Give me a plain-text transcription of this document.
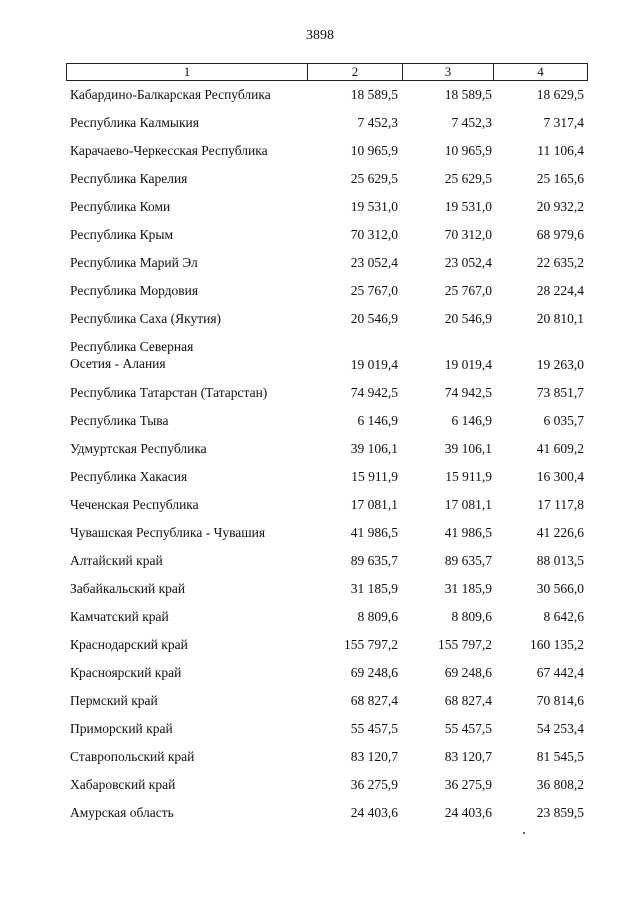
3898
1	2	3	4
Кабардино-Балкарская Республика	18 589,5	18 589,5	18 629,5
Республика Калмыкия	7 452,3	7 452,3	7 317,4
Карачаево-Черкесская Республика	10 965,9	10 965,9	11 106,4
Республика Карелия	25 629,5	25 629,5	25 165,6
Республика Коми	19 531,0	19 531,0	20 932,2
Республика Крым	70 312,0	70 312,0	68 979,6
Республика Марий Эл	23 052,4	23 052,4	22 635,2
Республика Мордовия	25 767,0	25 767,0	28 224,4
Республика Саха (Якутия)	20 546,9	20 546,9	20 810,1
Республика Северная
Осетия - Алания	19 019,4	19 019,4	19 263,0
Республика Татарстан (Татарстан)	74 942,5	74 942,5	73 851,7
Республика Тыва	6 146,9	6 146,9	6 035,7
Удмуртская Республика	39 106,1	39 106,1	41 609,2
Республика Хакасия	15 911,9	15 911,9	16 300,4
Чеченская Республика	17 081,1	17 081,1	17 117,8
Чувашская Республика - Чувашия	41 986,5	41 986,5	41 226,6
Алтайский край	89 635,7	89 635,7	88 013,5
Забайкальский край	31 185,9	31 185,9	30 566,0
Камчатский край	8 809,6	8 809,6	8 642,6
Краснодарский край	155 797,2	155 797,2	160 135,2
Красноярский край	69 248,6	69 248,6	67 442,4
Пермский край	68 827,4	68 827,4	70 814,6
Приморский край	55 457,5	55 457,5	54 253,4
Ставропольский край	83 120,7	83 120,7	81 545,5
Хабаровский край	36 275,9	36 275,9	36 808,2
Амурская область	24 403,6	24 403,6	23 859,5
